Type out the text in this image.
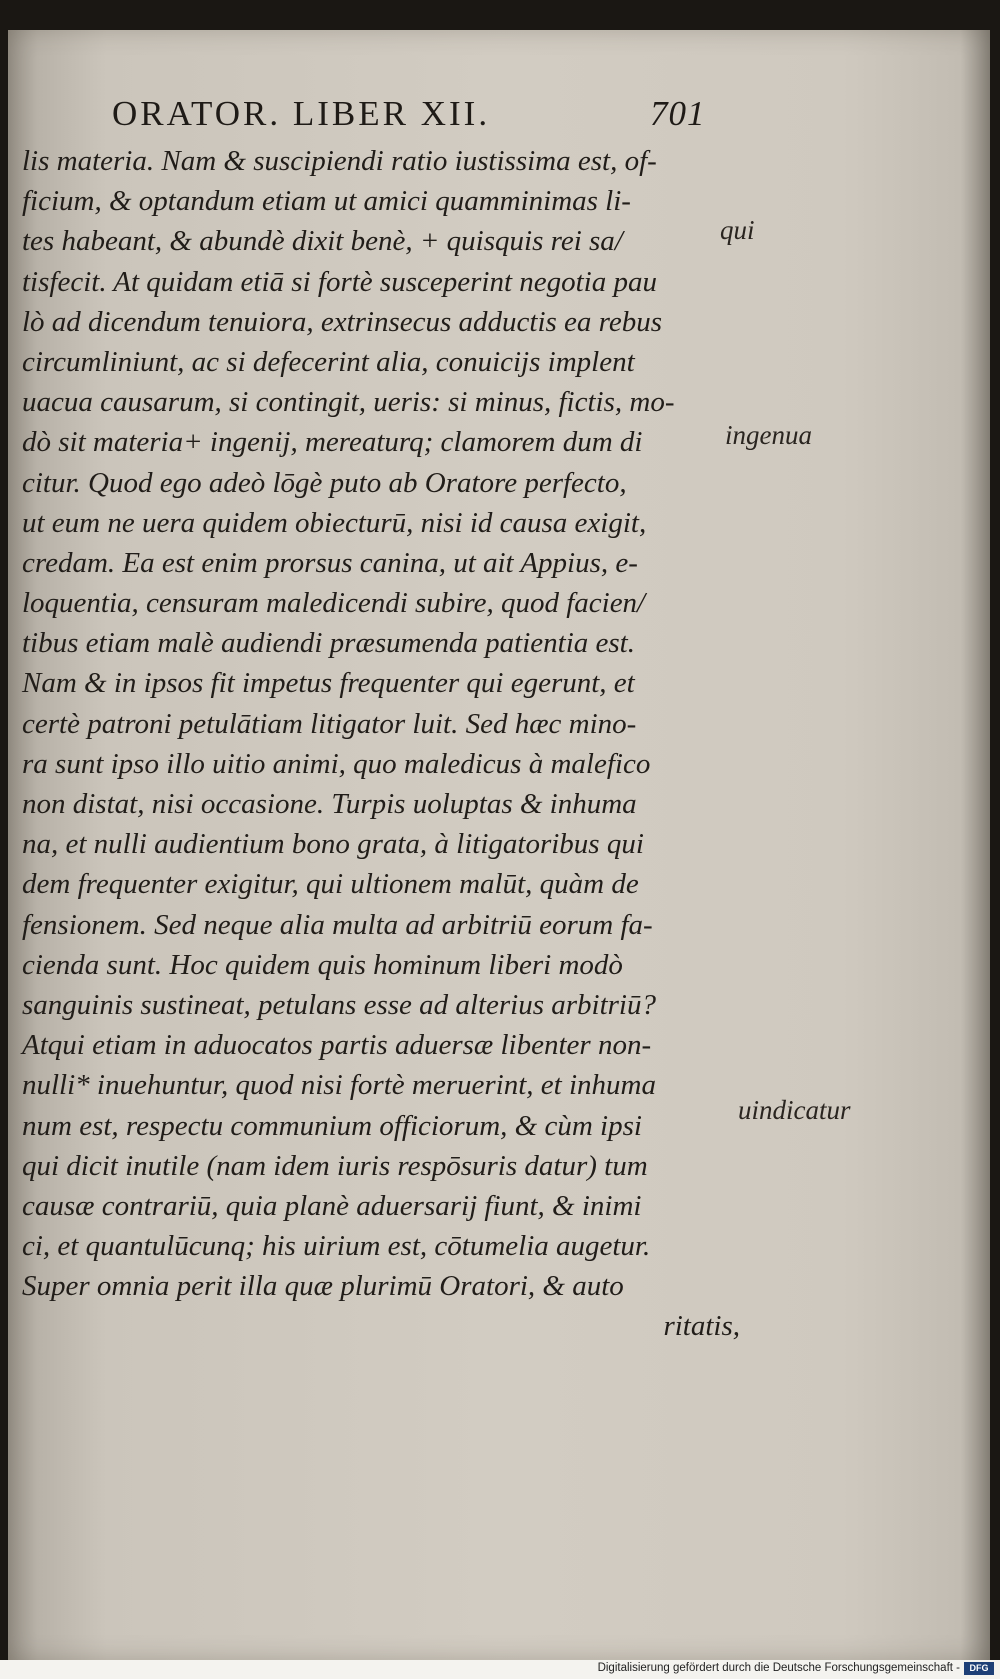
ORATOR. LIBER XII.	701
lis materia. Nam & suscipiendi ratio iustissima est, of-
ficium, & optandum etiam ut amici quamminimas li-
tes habeant, & abundè dixit benè, + quisquis rei sa/
tisfecit. At quidam etiā si fortè susceperint negotia pau
lò ad dicendum tenuiora, extrinsecus adductis ea rebus
circumliniunt, ac si defecerint alia, conuicijs implent
uacua causarum, si contingit, ueris: si minus, fictis, mo-
dò sit materia+ ingenij, mereaturq; clamorem dum di
citur. Quod ego adeò lōgè puto ab Oratore perfecto,
ut eum ne uera quidem obiecturū, nisi id causa exigit,
credam. Ea est enim prorsus canina, ut ait Appius, e-
loquentia, censuram maledicendi subire, quod facien/
tibus etiam malè audiendi præsumenda patientia est.
Nam & in ipsos fit impetus frequenter qui egerunt, et
certè patroni petulātiam litigator luit. Sed hæc mino-
ra sunt ipso illo uitio animi, quo maledicus à malefico
non distat, nisi occasione. Turpis uoluptas & inhuma
na, et nulli audientium bono grata, à litigatoribus qui
dem frequenter exigitur, qui ultionem malūt, quàm de
fensionem. Sed neque alia multa ad arbitriū eorum fa-
cienda sunt. Hoc quidem quis hominum liberi modò
sanguinis sustineat, petulans esse ad alterius arbitriū?
Atqui etiam in aduocatos partis aduersæ libenter non-
nulli* inuehuntur, quod nisi fortè meruerint, et inhuma
num est, respectu communium officiorum, & cùm ipsi
qui dicit inutile (nam idem iuris respōsuris datur) tum
causæ contrariū, quia planè aduersarij fiunt, & inimi
ci, et quantulūcunq; his uirium est, cōtumelia augetur.
Super omnia perit illa quæ plurimū Oratori, & auto
ritatis,
qui
ingenua
uindicatur
Digitalisierung gefördert durch die Deutsche Forschungsgemeinschaft -	DFG
